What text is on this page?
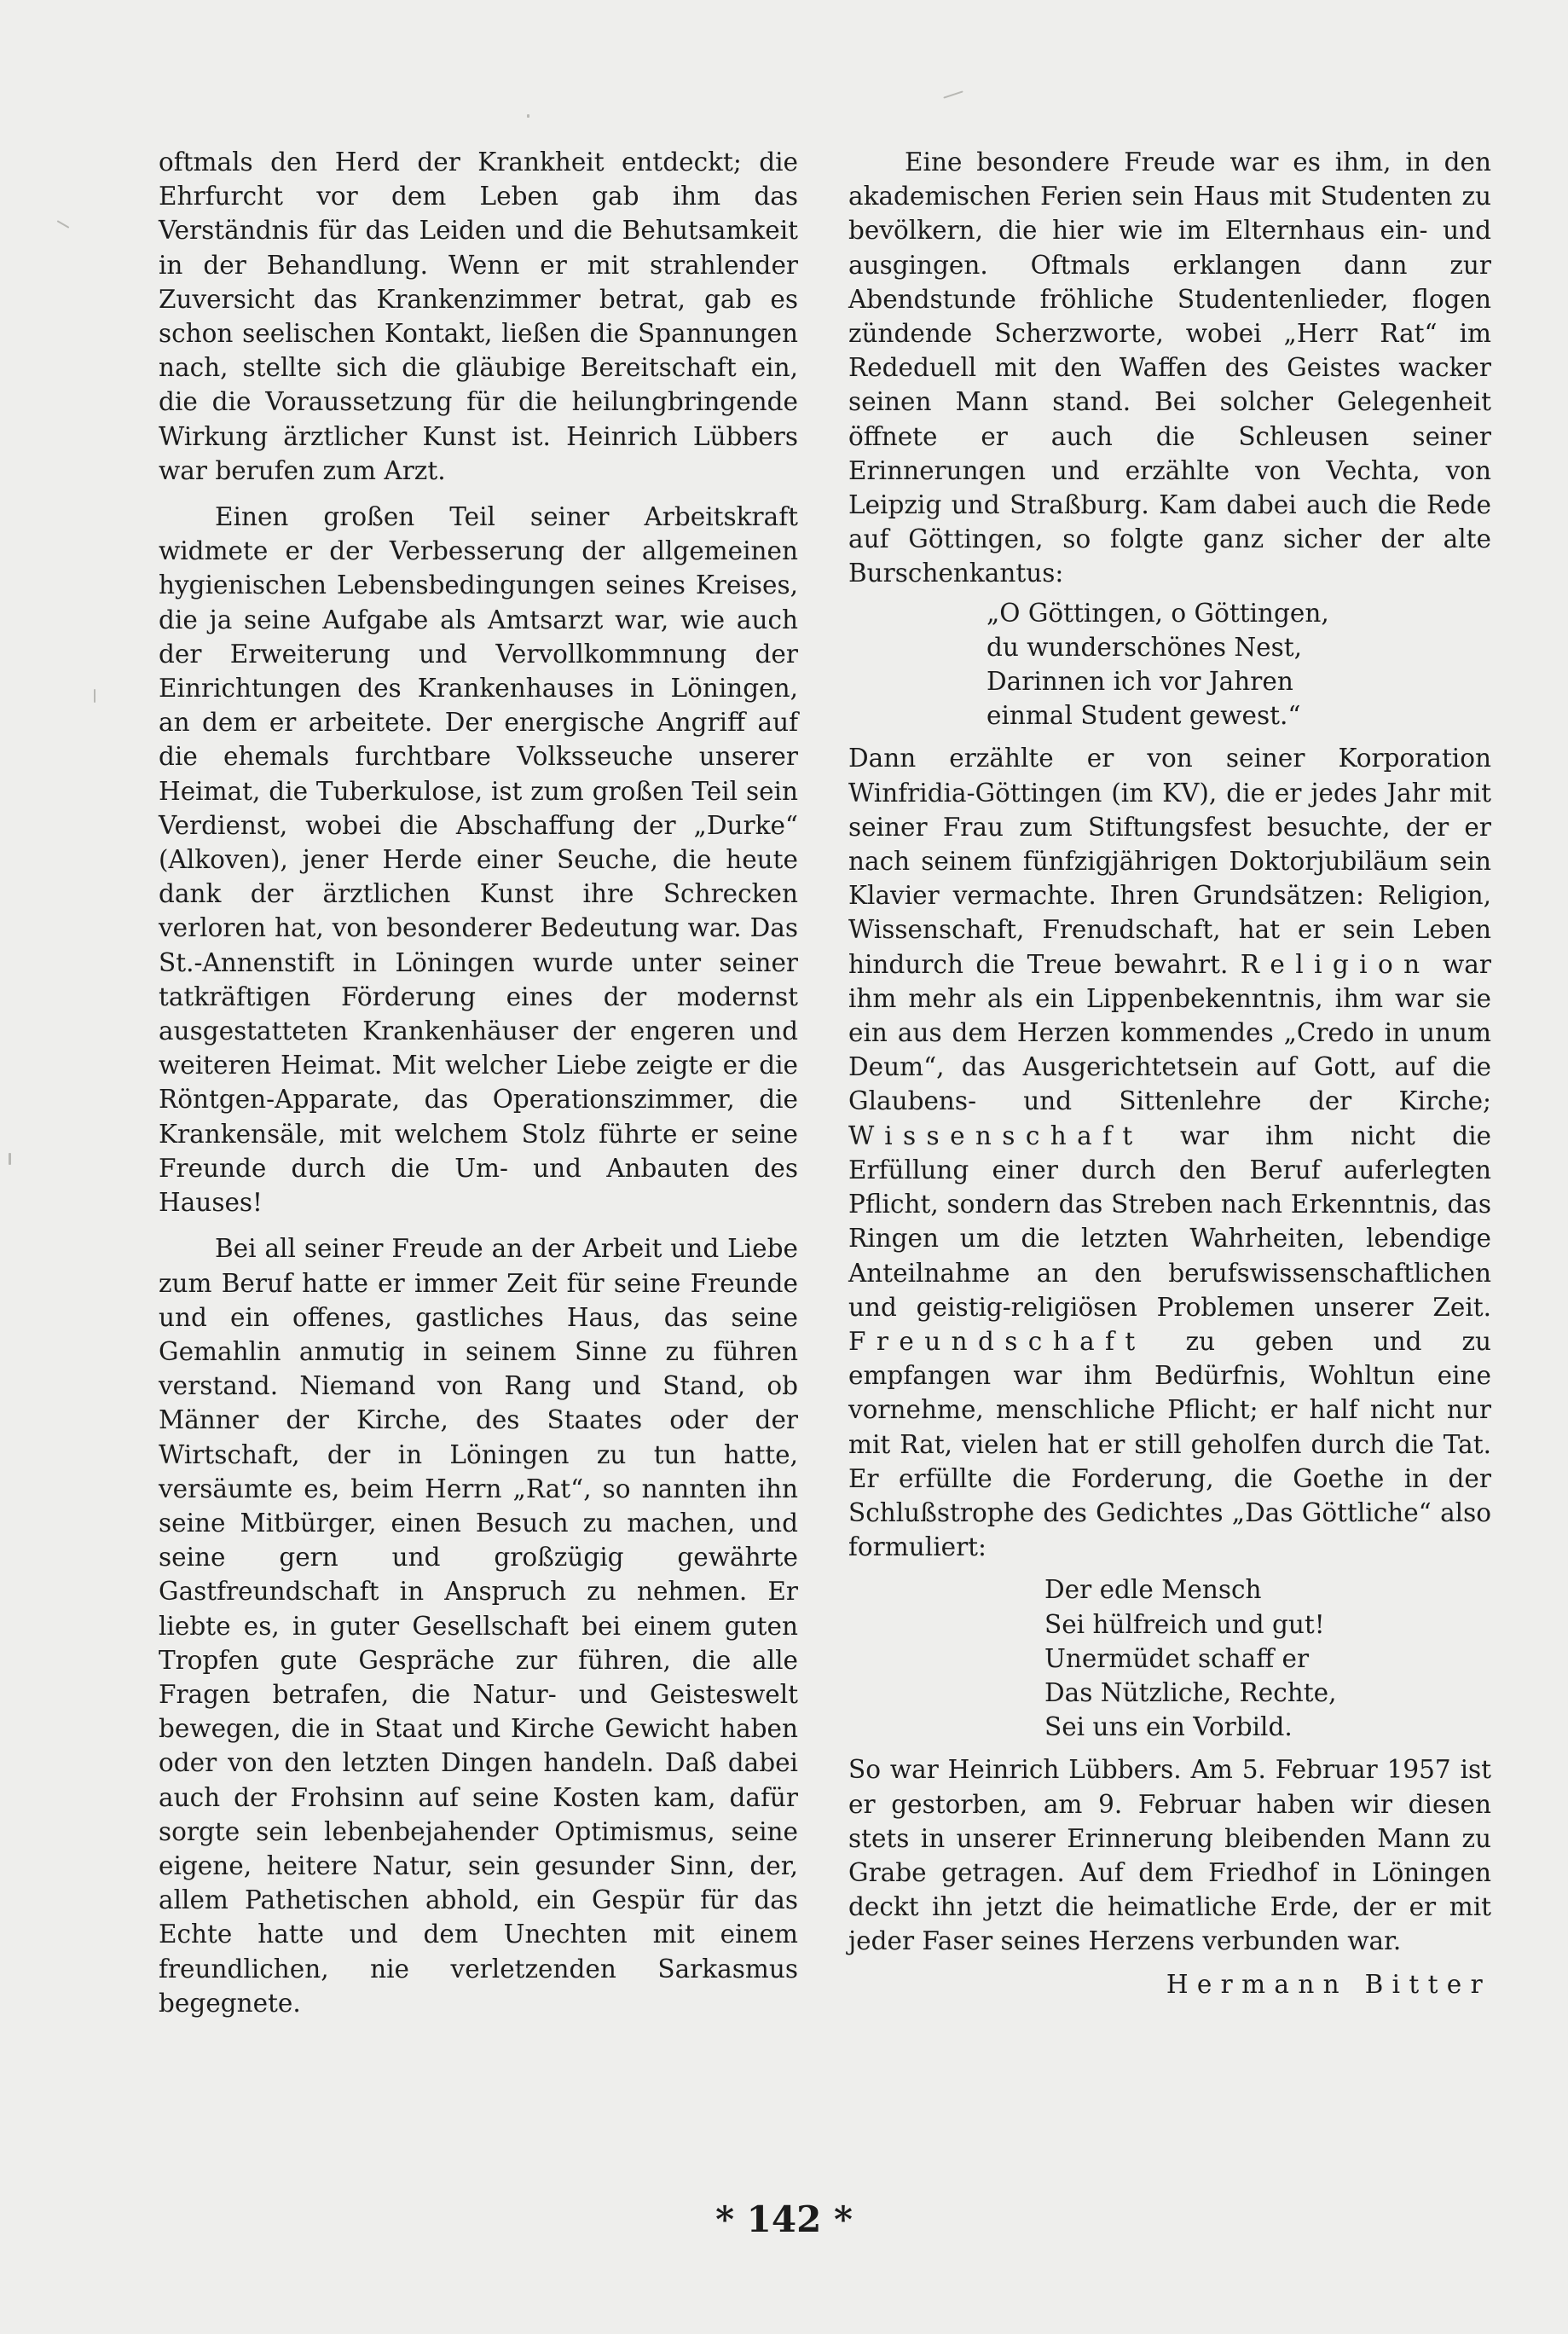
oftmals den Herd der Krankheit entdeckt; die Ehrfurcht vor dem Leben gab ihm das Verständnis für das Leiden und die Behutsamkeit in der Behandlung. Wenn er mit strahlender Zuversicht das Krankenzimmer betrat, gab es schon seelischen Kontakt, ließen die Spannungen nach, stellte sich die gläubige Bereitschaft ein, die die Voraussetzung für die heilungbringende Wirkung ärztlicher Kunst ist. Heinrich Lübbers war berufen zum Arzt.

Einen großen Teil seiner Arbeitskraft widmete er der Verbesserung der allgemeinen hygienischen Lebensbedingungen seines Kreises, die ja seine Aufgabe als Amtsarzt war, wie auch der Erweiterung und Vervollkommnung der Einrichtungen des Krankenhauses in Löningen, an dem er arbeitete. Der energische Angriff auf die ehemals furchtbare Volksseuche unserer Heimat, die Tuberkulose, ist zum großen Teil sein Verdienst, wobei die Abschaffung der „Durke“ (Alkoven), jener Herde einer Seuche, die heute dank der ärztlichen Kunst ihre Schrecken verloren hat, von besonderer Bedeutung war. Das St.-Annenstift in Löningen wurde unter seiner tatkräftigen Förderung eines der modernst ausgestatteten Krankenhäuser der engeren und weiteren Heimat. Mit welcher Liebe zeigte er die Röntgen-Apparate, das Operationszimmer, die Krankensäle, mit welchem Stolz führte er seine Freunde durch die Um- und Anbauten des Hauses!

Bei all seiner Freude an der Arbeit und Liebe zum Beruf hatte er immer Zeit für seine Freunde und ein offenes, gastliches Haus, das seine Gemahlin anmutig in seinem Sinne zu führen verstand. Niemand von Rang und Stand, ob Männer der Kirche, des Staates oder der Wirtschaft, der in Löningen zu tun hatte, versäumte es, beim Herrn „Rat“, so nannten ihn seine Mitbürger, einen Besuch zu machen, und seine gern und großzügig gewährte Gastfreundschaft in Anspruch zu nehmen. Er liebte es, in guter Gesellschaft bei einem guten Tropfen gute Gespräche zur führen, die alle Fragen betrafen, die Natur- und Geisteswelt bewegen, die in Staat und Kirche Gewicht haben oder von den letzten Dingen handeln. Daß dabei auch der Frohsinn auf seine Kosten kam, dafür sorgte sein lebenbejahender Optimismus, seine eigene, heitere Natur, sein gesunder Sinn, der, allem Pathetischen abhold, ein Gespür für das Echte hatte und dem Unechten mit einem freundlichen, nie verletzenden Sarkasmus begegnete.

Eine besondere Freude war es ihm, in den akademischen Ferien sein Haus mit Studenten zu bevölkern, die hier wie im Elternhaus ein- und ausgingen. Oftmals erklangen dann zur Abendstunde fröhliche Studentenlieder, flogen zündende Scherzworte, wobei „Herr Rat“ im Rededuell mit den Waffen des Geistes wacker seinen Mann stand. Bei solcher Gelegenheit öffnete er auch die Schleusen seiner Erinnerungen und erzählte von Vechta, von Leipzig und Straßburg. Kam dabei auch die Rede auf Göttingen, so folgte ganz sicher der alte Burschenkantus:

„O Göttingen, o Göttingen,
du wunderschönes Nest,
Darinnen ich vor Jahren
einmal Student gewest.“

Dann erzählte er von seiner Korporation Winfridia-Göttingen (im KV), die er jedes Jahr mit seiner Frau zum Stiftungsfest besuchte, der er nach seinem fünfzigjährigen Doktorjubiläum sein Klavier vermachte. Ihren Grundsätzen: Religion, Wissenschaft, Frenudschaft, hat er sein Leben hindurch die Treue bewahrt. Religion war ihm mehr als ein Lippenbekenntnis, ihm war sie ein aus dem Herzen kommendes „Credo in unum Deum“, das Ausgerichtetsein auf Gott, auf die Glaubens- und Sittenlehre der Kirche; Wissenschaft war ihm nicht die Erfüllung einer durch den Beruf auferlegten Pflicht, sondern das Streben nach Erkenntnis, das Ringen um die letzten Wahrheiten, lebendige Anteilnahme an den berufswissenschaftlichen und geistig-religiösen Problemen unserer Zeit. Freundschaft zu geben und zu empfangen war ihm Bedürfnis, Wohltun eine vornehme, menschliche Pflicht; er half nicht nur mit Rat, vielen hat er still geholfen durch die Tat. Er erfüllte die Forderung, die Goethe in der Schlußstrophe des Gedichtes „Das Göttliche“ also formuliert:

Der edle Mensch
Sei hülfreich und gut!
Unermüdet schaff er
Das Nützliche, Rechte,
Sei uns ein Vorbild.

So war Heinrich Lübbers. Am 5. Februar 1957 ist er gestorben, am 9. Februar haben wir diesen stets in unserer Erinnerung bleibenden Mann zu Grabe getragen. Auf dem Friedhof in Löningen deckt ihn jetzt die heimatliche Erde, der er mit jeder Faser seines Herzens verbunden war.

Hermann Bitter
* 142 *
